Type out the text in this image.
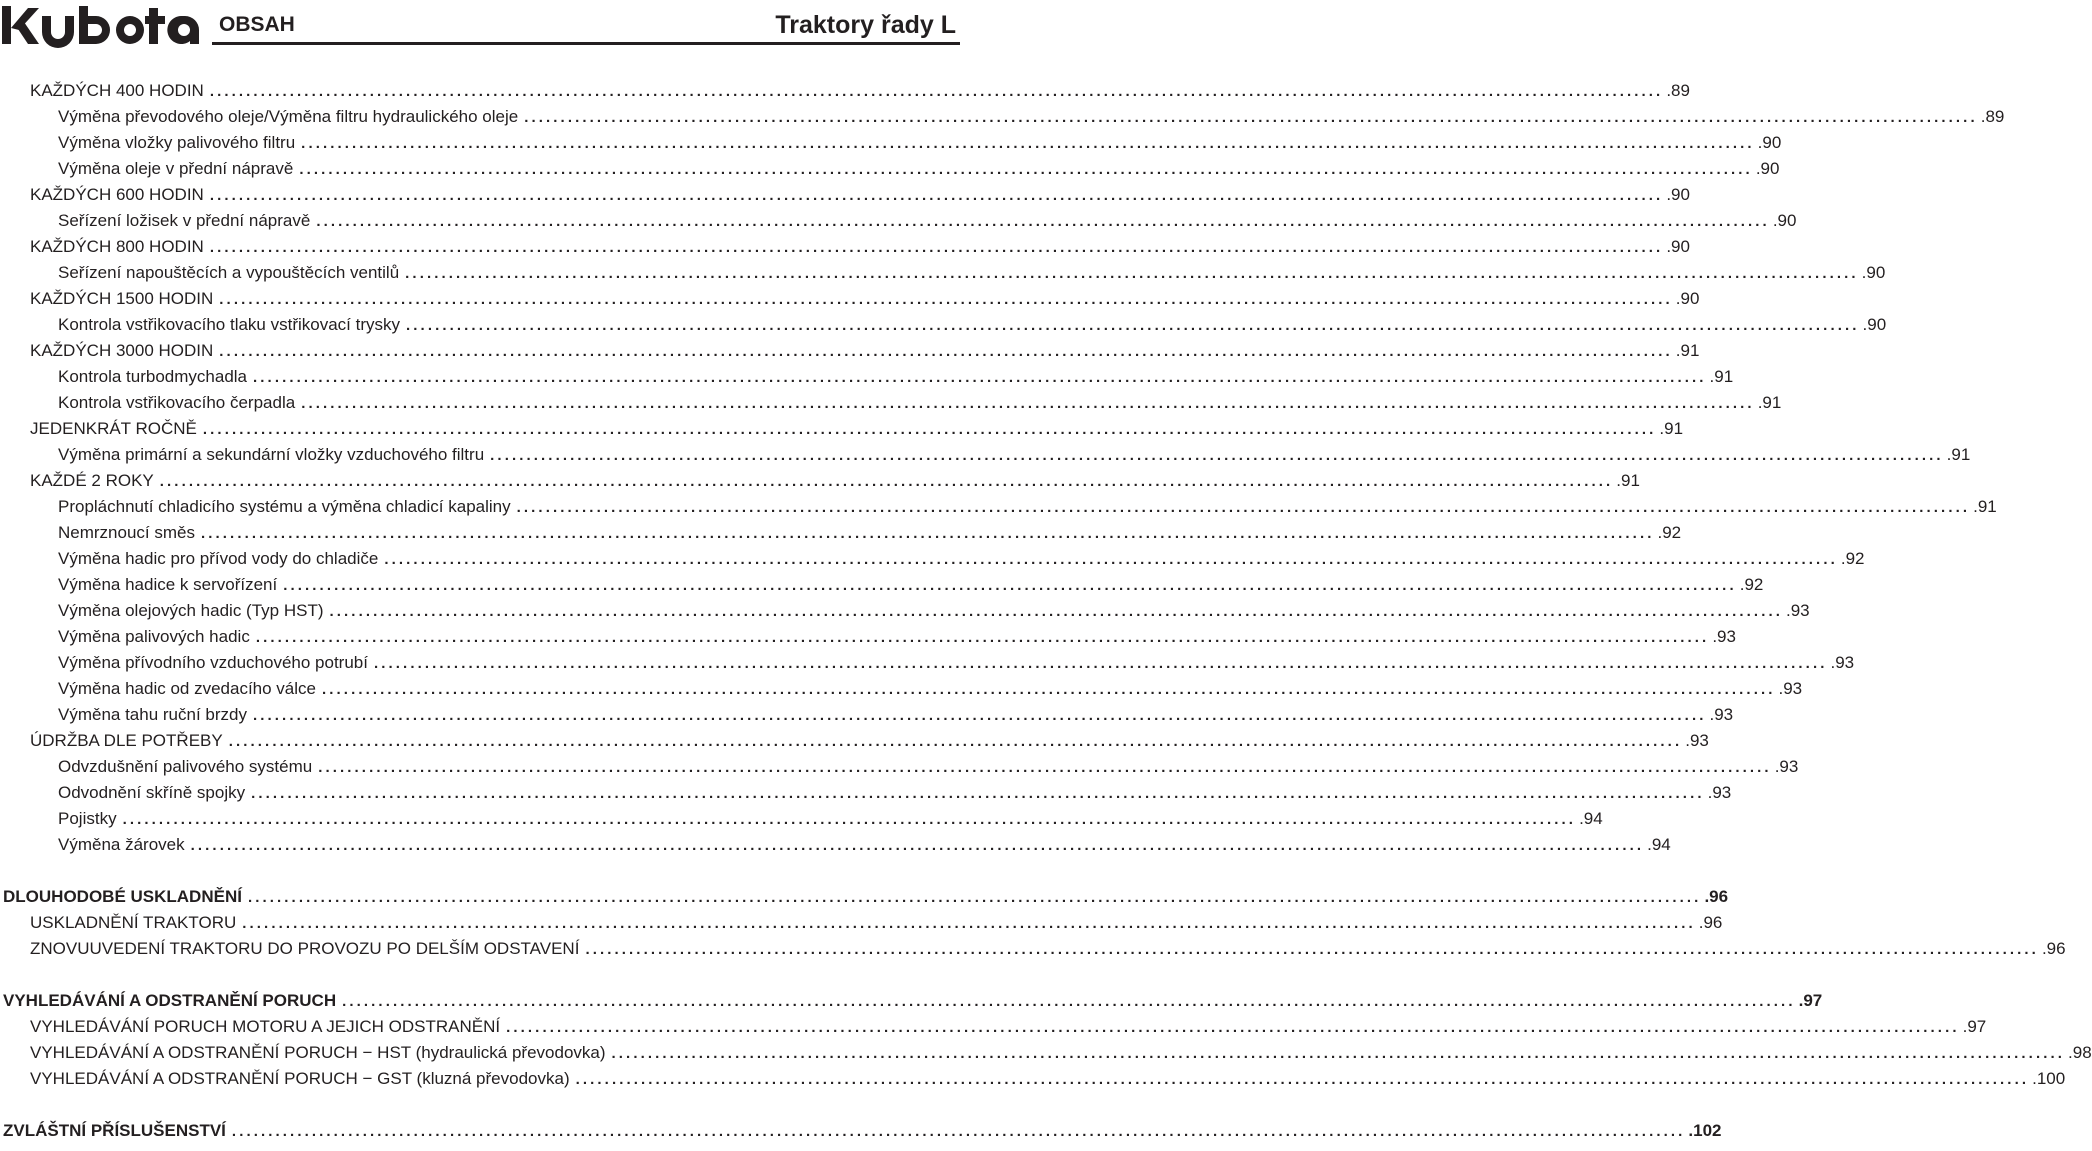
OBSAH	Traktory řady L
KAŽDÝCH 400 HODIN ........................................................................................................................................................................................................ .89
Výměna převodového oleje/Výměna filtru hydraulického oleje ........................................................................................................................................................................................................ .89
Výměna vložky palivového filtru ........................................................................................................................................................................................................ .90
Výměna oleje v přední nápravě ........................................................................................................................................................................................................ .90
KAŽDÝCH 600 HODIN ........................................................................................................................................................................................................ .90
Seřízení ložisek v přední nápravě ........................................................................................................................................................................................................ .90
KAŽDÝCH 800 HODIN ........................................................................................................................................................................................................ .90
Seřízení napouštěcích a vypouštěcích ventilů ........................................................................................................................................................................................................ .90
KAŽDÝCH 1500 HODIN ........................................................................................................................................................................................................ .90
Kontrola vstřikovacího tlaku vstřikovací trysky ........................................................................................................................................................................................................ .90
KAŽDÝCH 3000 HODIN ........................................................................................................................................................................................................ .91
Kontrola turbodmychadla ........................................................................................................................................................................................................ .91
Kontrola vstřikovacího čerpadla ........................................................................................................................................................................................................ .91
JEDENKRÁT ROČNĚ ........................................................................................................................................................................................................ .91
Výměna primární a sekundární vložky vzduchového filtru ........................................................................................................................................................................................................ .91
KAŽDÉ 2 ROKY ........................................................................................................................................................................................................ .91
Propláchnutí chladicího systému a výměna chladicí kapaliny ........................................................................................................................................................................................................ .91
Nemrznoucí směs ........................................................................................................................................................................................................ .92
Výměna hadic pro přívod vody do chladiče ........................................................................................................................................................................................................ .92
Výměna hadice k servořízení ........................................................................................................................................................................................................ .92
Výměna olejových hadic (Typ HST) ........................................................................................................................................................................................................ .93
Výměna palivových hadic ........................................................................................................................................................................................................ .93
Výměna přívodního vzduchového potrubí ........................................................................................................................................................................................................ .93
Výměna hadic od zvedacího válce ........................................................................................................................................................................................................ .93
Výměna tahu ruční brzdy ........................................................................................................................................................................................................ .93
ÚDRŽBA DLE POTŘEBY ........................................................................................................................................................................................................ .93
Odvzdušnění palivového systému ........................................................................................................................................................................................................ .93
Odvodnění skříně spojky ........................................................................................................................................................................................................ .93
Pojistky ........................................................................................................................................................................................................ .94
Výměna žárovek ........................................................................................................................................................................................................ .94
DLOUHODOBÉ USKLADNĚNÍ ........................................................................................................................................................................................................ .96
USKLADNĚNÍ TRAKTORU ........................................................................................................................................................................................................ .96
ZNOVUUVEDENÍ TRAKTORU DO PROVOZU PO DELŠÍM ODSTAVENÍ ........................................................................................................................................................................................................ .96
VYHLEDÁVÁNÍ A ODSTRANĚNÍ PORUCH ........................................................................................................................................................................................................ .97
VYHLEDÁVÁNÍ PORUCH MOTORU A JEJICH ODSTRANĚNÍ ........................................................................................................................................................................................................ .97
VYHLEDÁVÁNÍ A ODSTRANĚNÍ PORUCH − HST (hydraulická převodovka) ........................................................................................................................................................................................................ .98
VYHLEDÁVÁNÍ A ODSTRANĚNÍ PORUCH − GST (kluzná převodovka) ........................................................................................................................................................................................................ .100
ZVLÁŠTNÍ PŘÍSLUŠENSTVÍ ........................................................................................................................................................................................................ .102
